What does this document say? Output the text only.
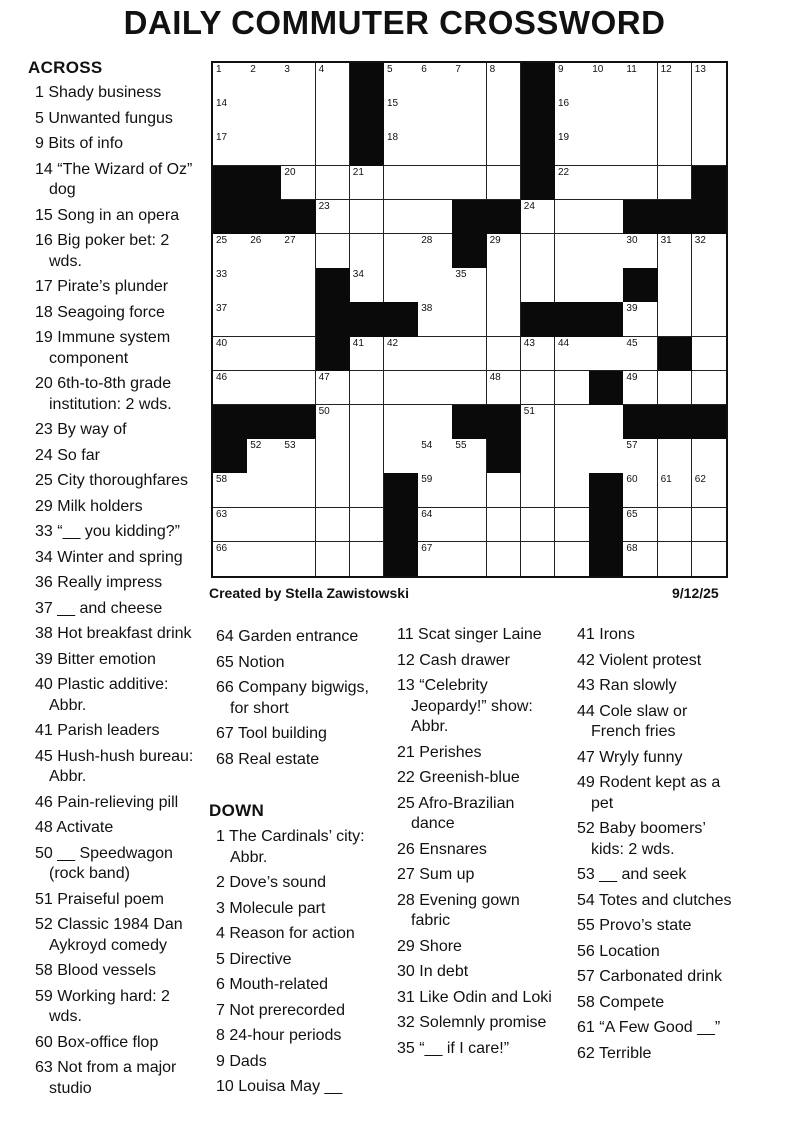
DAILY COMMUTER CROSSWORD
ACROSS
1 Shady business
5 Unwanted fungus
9 Bits of info
14 “The Wizard of Oz” dog
15 Song in an opera
16 Big poker bet: 2 wds.
17 Pirate’s plunder
18 Seagoing force
19 Immune system component
20 6th-to-8th grade institution: 2 wds.
23 By way of
24 So far
25 City thoroughfares
29 Milk holders
33 “__ you kidding?”
34 Winter and spring
36 Really impress
37 __ and cheese
38 Hot breakfast drink
39 Bitter emotion
40 Plastic additive: Abbr.
41 Parish leaders
45 Hush-hush bureau: Abbr.
46 Pain-relieving pill
48 Activate
50 __ Speedwagon (rock band)
51 Praiseful poem
52 Classic 1984 Dan Aykroyd comedy
58 Blood vessels
59 Working hard: 2 wds.
60 Box-office flop
63 Not from a major studio
1	2	3	4	5	6	7	8	9	10 11 12 13
14	15	16
17	18	19
20	21	22
23	24
25 26 27	28	29	30 31 32
33	34	35
37	38	39
40	41 42	43 44	45
46	47	48	49
50	51
52 53	54 55	57
58	59	60 61 62
63	64	65
66	67	68
Created by Stella Zawistowski	9/12/25
64 Garden entrance
65 Notion
66 Company bigwigs, for short
67 Tool building
68 Real estate
DOWN
1 The Cardinals’ city: Abbr.
2 Dove’s sound
3 Molecule part
4 Reason for action
5 Directive
6 Mouth-related
7 Not prerecorded
8 24-hour periods
9 Dads
10 Louisa May __
11 Scat singer Laine
12 Cash drawer
13 “Celebrity Jeopardy!” show: Abbr.
21 Perishes
22 Greenish-blue
25 Afro-Brazilian dance
26 Ensnares
27 Sum up
28 Evening gown fabric
29 Shore
30 In debt
31 Like Odin and Loki
32 Solemnly promise
35 “__ if I care!”
41 Irons
42 Violent protest
43 Ran slowly
44 Cole slaw or French fries
47 Wryly funny
49 Rodent kept as a pet
52 Baby boomers’ kids: 2 wds.
53 __ and seek
54 Totes and clutches
55 Provo’s state
56 Location
57 Carbonated drink
58 Compete
61 “A Few Good __”
62 Terrible
